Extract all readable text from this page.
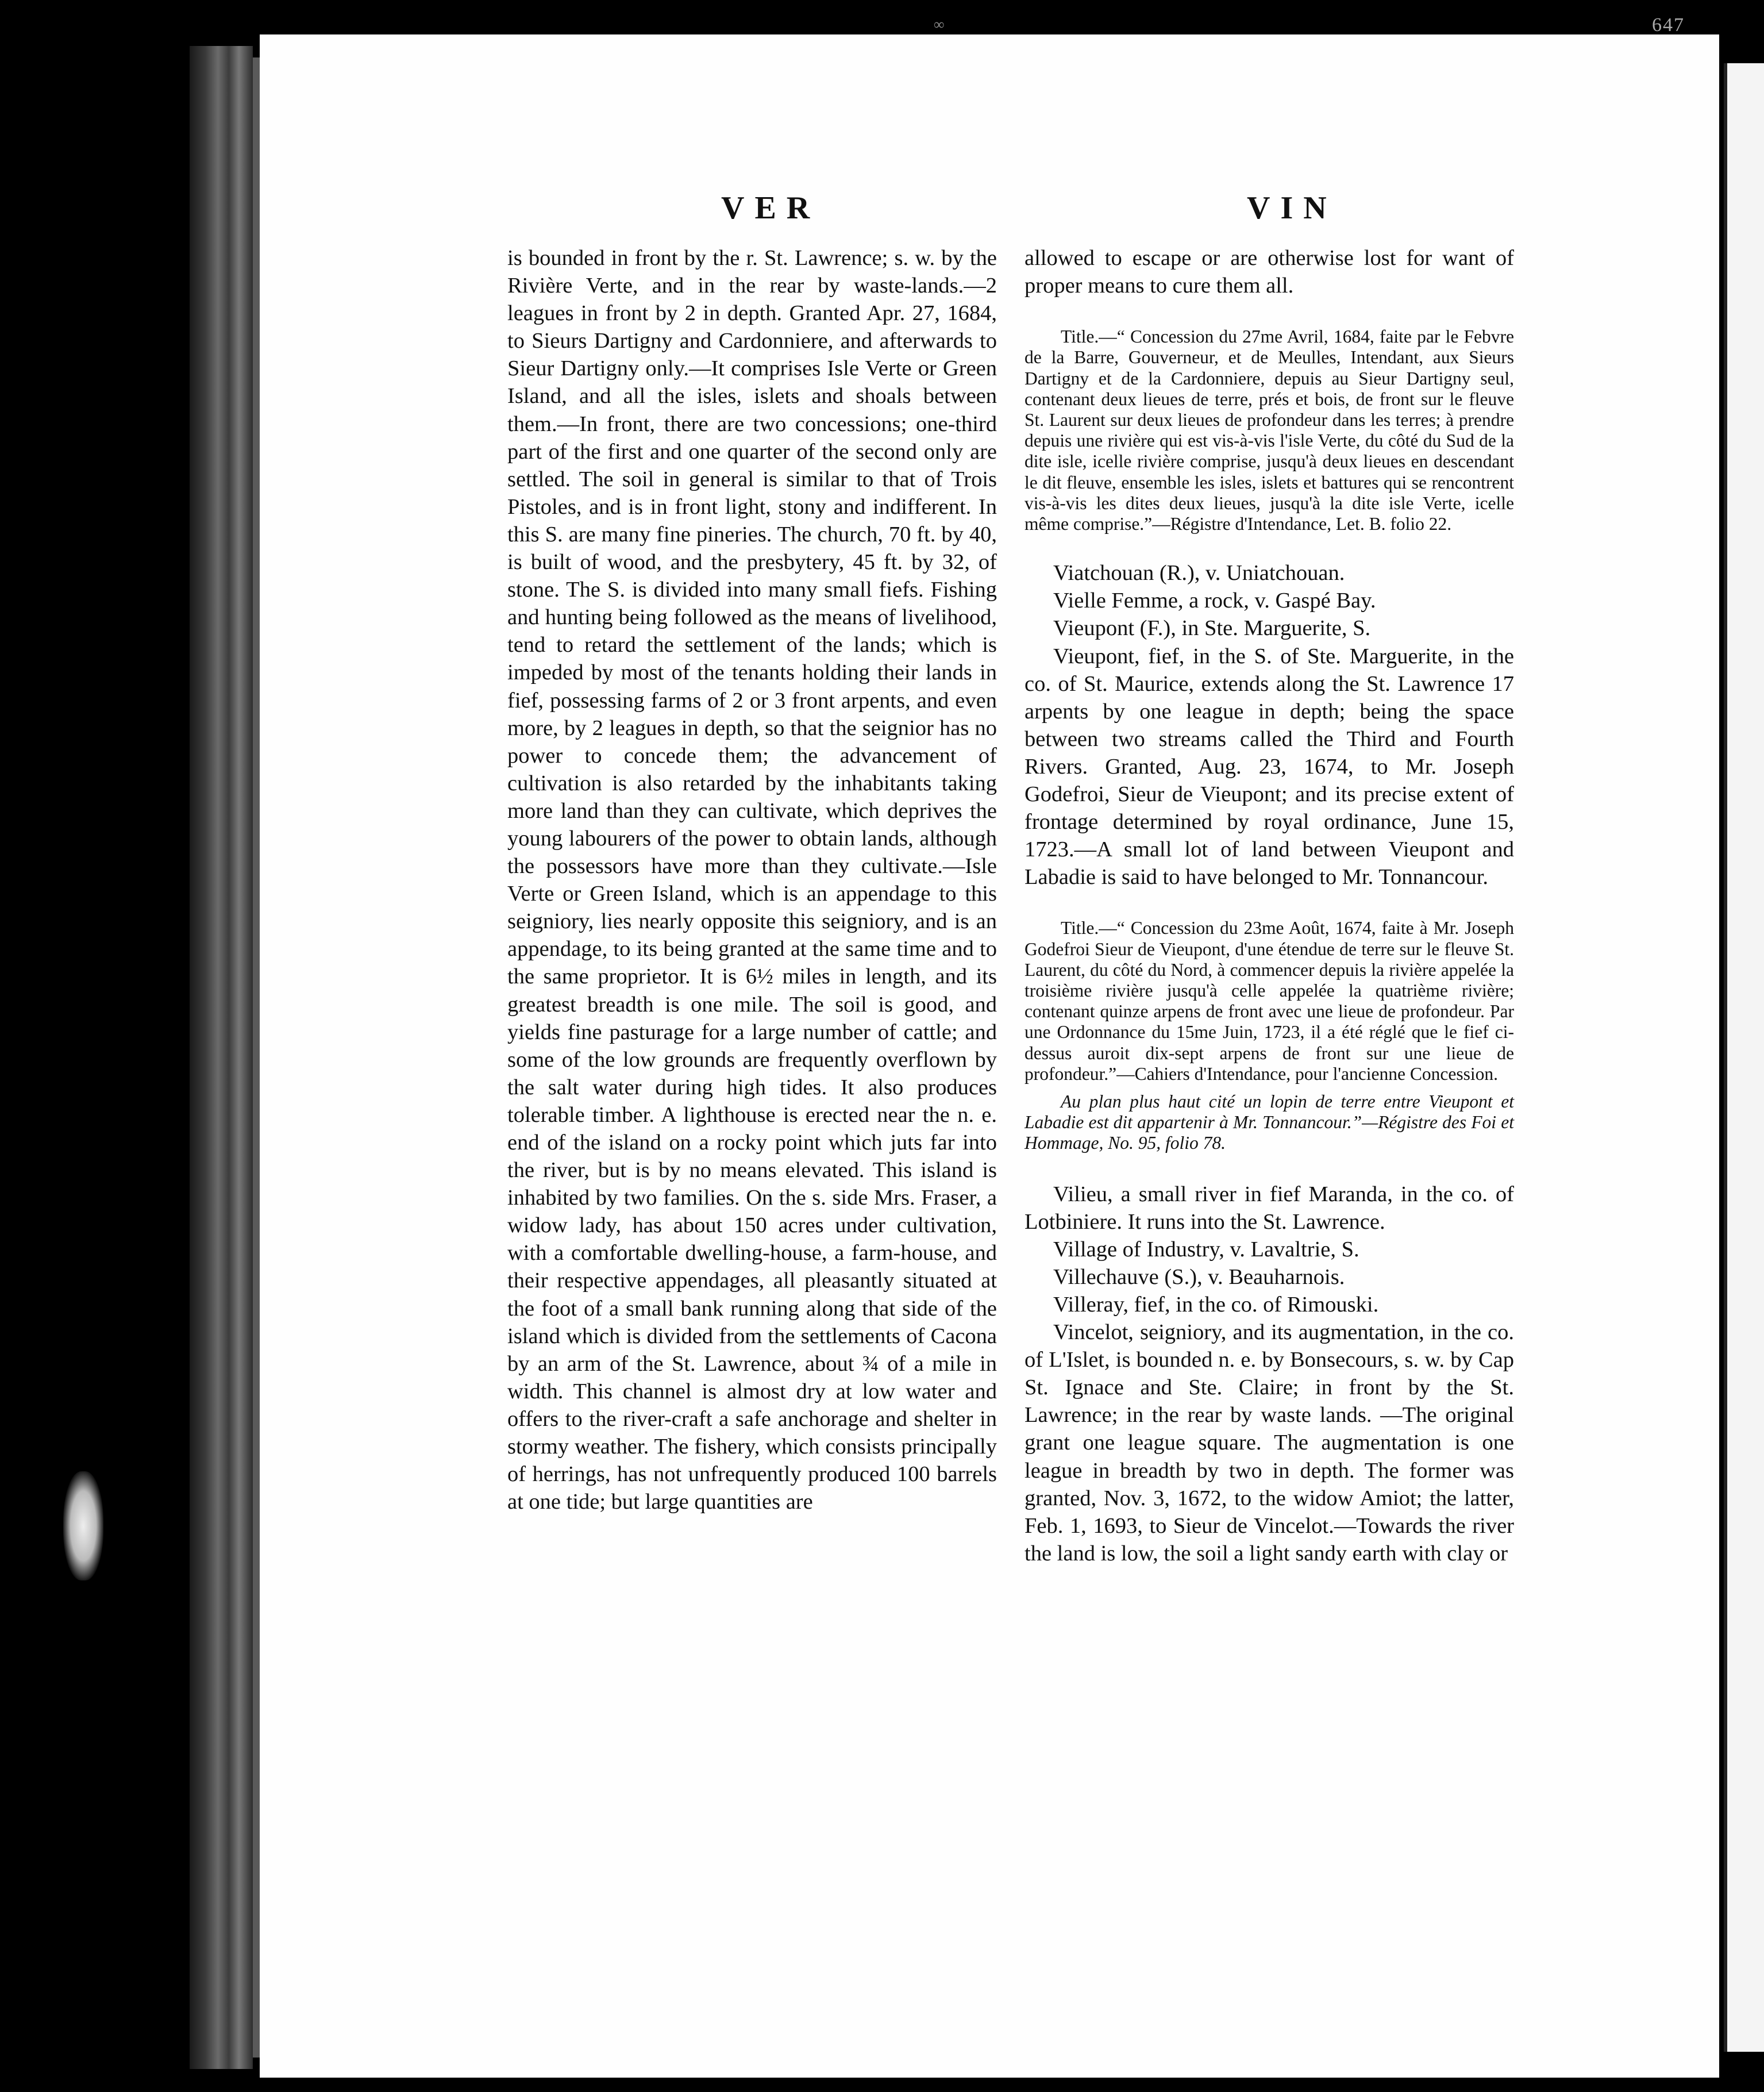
∞	647
VER	VIN

is bounded in front by the r. St. Lawrence; s. w. by the Rivière Verte, and in the rear by waste-lands.—2 leagues in front by 2 in depth. Granted Apr. 27, 1684, to Sieurs Dartigny and Cardonniere, and afterwards to Sieur Dartigny only.—It comprises Isle Verte or Green Island, and all the isles, islets and shoals between them.—In front, there are two concessions; one-third part of the first and one quarter of the second only are settled. The soil in general is similar to that of Trois Pistoles, and is in front light, stony and indifferent. In this S. are many fine pineries. The church, 70 ft. by 40, is built of wood, and the presbytery, 45 ft. by 32, of stone. The S. is divided into many small fiefs. Fishing and hunting being followed as the means of livelihood, tend to retard the settlement of the lands; which is impeded by most of the tenants holding their lands in fief, possessing farms of 2 or 3 front arpents, and even more, by 2 leagues in depth, so that the seignior has no power to concede them; the advancement of cultivation is also retarded by the inhabitants taking more land than they can cultivate, which deprives the young labourers of the power to obtain lands, although the possessors have more than they cultivate.—Isle Verte or Green Island, which is an appendage to this seigniory, lies nearly opposite this seigniory, and is an appendage, to its being granted at the same time and to the same proprietor. It is 6½ miles in length, and its greatest breadth is one mile. The soil is good, and yields fine pasturage for a large number of cattle; and some of the low grounds are frequently overflown by the salt water during high tides. It also produces tolerable timber. A lighthouse is erected near the n. e. end of the island on a rocky point which juts far into the river, but is by no means elevated. This island is inhabited by two families. On the s. side Mrs. Fraser, a widow lady, has about 150 acres under cultivation, with a comfortable dwelling-house, a farm-house, and their respective appendages, all pleasantly situated at the foot of a small bank running along that side of the island which is divided from the settlements of Cacona by an arm of the St. Lawrence, about ¾ of a mile in width. This channel is almost dry at low water and offers to the river-craft a safe anchorage and shelter in stormy weather. The fishery, which consists principally of herrings, has not unfrequently produced 100 barrels at one tide; but large quantities are

allowed to escape or are otherwise lost for want of proper means to cure them all.

Title.—“ Concession du 27me Avril, 1684, faite par le Febvre de la Barre, Gouverneur, et de Meulles, Intendant, aux Sieurs Dartigny et de la Cardonniere, depuis au Sieur Dartigny seul, contenant deux lieues de terre, prés et bois, de front sur le fleuve St. Laurent sur deux lieues de profondeur dans les terres; à prendre depuis une rivière qui est vis-à-vis l'isle Verte, du côté du Sud de la dite isle, icelle rivière comprise, jusqu'à deux lieues en descendant le dit fleuve, ensemble les isles, islets et battures qui se rencontrent vis-à-vis les dites deux lieues, jusqu'à la dite isle Verte, icelle même comprise.”—Régistre d'Intendance, Let. B. folio 22.

Viatchouan (R.), v. Uniatchouan.

Vielle Femme, a rock, v. Gaspé Bay.

Vieupont (F.), in Ste. Marguerite, S.

Vieupont, fief, in the S. of Ste. Marguerite, in the co. of St. Maurice, extends along the St. Lawrence 17 arpents by one league in depth; being the space between two streams called the Third and Fourth Rivers. Granted, Aug. 23, 1674, to Mr. Joseph Godefroi, Sieur de Vieupont; and its precise extent of frontage determined by royal ordinance, June 15, 1723.—A small lot of land between Vieupont and Labadie is said to have belonged to Mr. Tonnancour.

Title.—“ Concession du 23me Août, 1674, faite à Mr. Joseph Godefroi Sieur de Vieupont, d'une étendue de terre sur le fleuve St. Laurent, du côté du Nord, à commencer depuis la rivière appelée la troisième rivière jusqu'à celle appelée la quatrième rivière; contenant quinze arpens de front avec une lieue de profondeur. Par une Ordonnance du 15me Juin, 1723, il a été réglé que le fief ci-dessus auroit dix-sept arpens de front sur une lieue de profondeur.”—Cahiers d'Intendance, pour l'ancienne Concession.

Au plan plus haut cité un lopin de terre entre Vieupont et Labadie est dit appartenir à Mr. Tonnancour.”—Régistre des Foi et Hommage, No. 95, folio 78.

Vilieu, a small river in fief Maranda, in the co. of Lotbiniere. It runs into the St. Lawrence.

Village of Industry, v. Lavaltrie, S.

Villechauve (S.), v. Beauharnois.

Villeray, fief, in the co. of Rimouski.

Vincelot, seigniory, and its augmentation, in the co. of L'Islet, is bounded n. e. by Bonsecours, s. w. by Cap St. Ignace and Ste. Claire; in front by the St. Lawrence; in the rear by waste lands. —The original grant one league square. The augmentation is one league in breadth by two in depth. The former was granted, Nov. 3, 1672, to the widow Amiot; the latter, Feb. 1, 1693, to Sieur de Vincelot.—Towards the river the land is low, the soil a light sandy earth with clay or
